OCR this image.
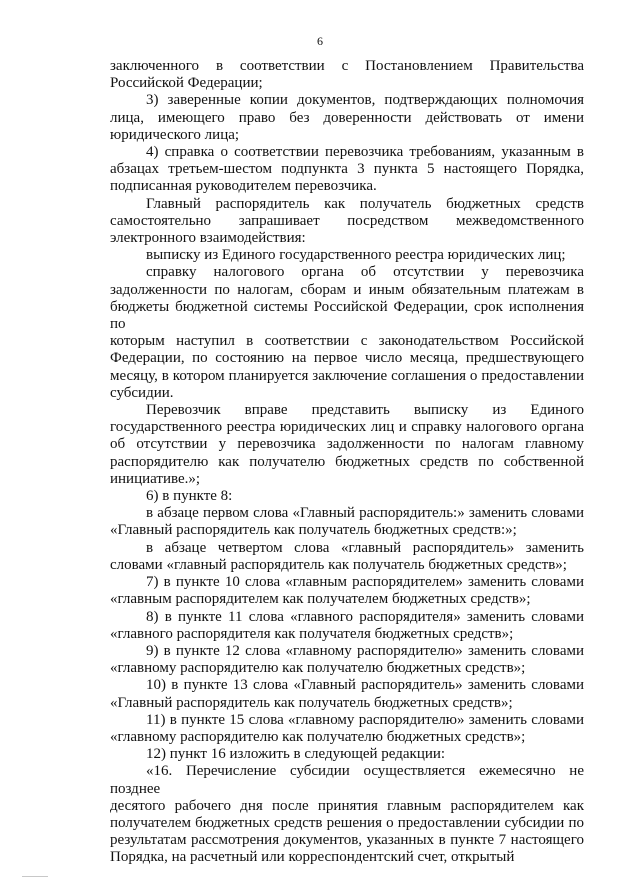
6
заключенного в соответствии с Постановлением Правительства
Российской Федерации;
3) заверенные копии документов, подтверждающих полномочия
лица, имеющего право без доверенности действовать от имени
юридического лица;
4) справка о соответствии перевозчика требованиям, указанным в
абзацах третьем-шестом подпункта 3 пункта 5 настоящего Порядка,
подписанная руководителем перевозчика.
Главный распорядитель как получатель бюджетных средств
самостоятельно запрашивает посредством межведомственного
электронного взаимодействия:
выписку из Единого государственного реестра юридических лиц;
справку налогового органа об отсутствии у перевозчика
задолженности по налогам, сборам и иным обязательным платежам в
бюджеты бюджетной системы Российской Федерации, срок исполнения по
которым наступил в соответствии с законодательством Российской
Федерации, по состоянию на первое число месяца, предшествующего
месяцу, в котором планируется заключение соглашения о предоставлении
субсидии.
Перевозчик вправе представить выписку из Единого
государственного реестра юридических лиц и справку налогового органа
об отсутствии у перевозчика задолженности по налогам главному
распорядителю как получателю бюджетных средств по собственной
инициативе.»;
6) в пункте 8:
в абзаце первом слова «Главный распорядитель:» заменить словами
«Главный распорядитель как получатель бюджетных средств:»;
в абзаце четвертом слова «главный распорядитель» заменить
словами «главный распорядитель как получатель бюджетных средств»;
7) в пункте 10 слова «главным распорядителем» заменить словами
«главным распорядителем как получателем бюджетных средств»;
8) в пункте 11 слова «главного распорядителя» заменить словами
«главного распорядителя как получателя бюджетных средств»;
9) в пункте 12 слова «главному распорядителю» заменить словами
«главному распорядителю как получателю бюджетных средств»;
10) в пункте 13 слова «Главный распорядитель» заменить словами
«Главный распорядитель как получатель бюджетных средств»;
11) в пункте 15 слова «главному распорядителю» заменить словами
«главному распорядителю как получателю бюджетных средств»;
12) пункт 16 изложить в следующей редакции:
«16. Перечисление субсидии осуществляется ежемесячно не позднее
десятого рабочего дня после принятия главным распорядителем как
получателем бюджетных средств решения о предоставлении субсидии по
результатам рассмотрения документов, указанных в пункте 7 настоящего
Порядка, на расчетный или корреспондентский счет, открытый
